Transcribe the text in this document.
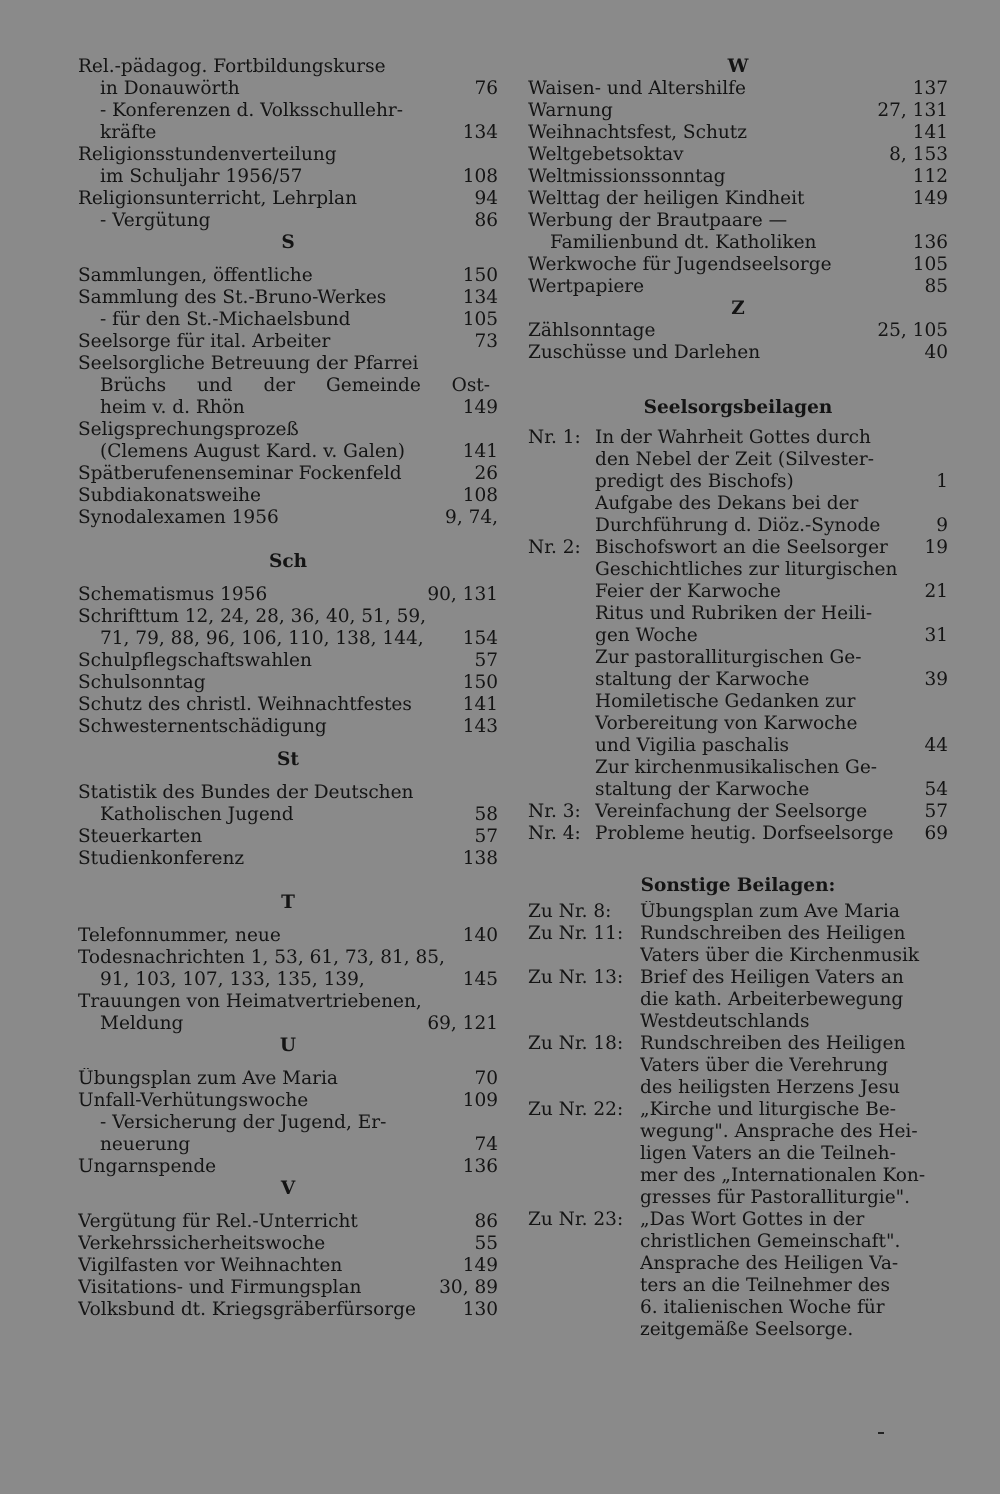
Rel.-pädagog. Fortbildungskurse
in Donauwörth	76
- Konferenzen d. Volksschullehr-
kräfte	134
Religionsstundenverteilung
im Schuljahr 1956/57	108
Religionsunterricht, Lehrplan	94
- Vergütung	86
S
Sammlungen, öffentliche	150
Sammlung des St.-Bruno-Werkes	134
- für den St.-Michaelsbund	105
Seelsorge für ital. Arbeiter	73
Seelsorgliche Betreuung der Pfarrei
Brüchs und der Gemeinde Ost-
heim v. d. Rhön	149
Seligsprechungsprozeß
(Clemens August Kard. v. Galen)	141
Spätberufenenseminar Fockenfeld	26
Subdiakonatsweihe	108
Synodalexamen 1956	9, 74,
Sch
Schematismus 1956	90, 131
Schrifttum 12, 24, 28, 36, 40, 51, 59,
71, 79, 88, 96, 106, 110, 138, 144,	154
Schulpflegschaftswahlen	57
Schulsonntag	150
Schutz des christl. Weihnachtfestes	141
Schwesternentschädigung	143
St
Statistik des Bundes der Deutschen
Katholischen Jugend	58
Steuerkarten	57
Studienkonferenz	138
T
Telefonnummer, neue	140
Todesnachrichten 1, 53, 61, 73, 81, 85,
91, 103, 107, 133, 135, 139,	145
Trauungen von Heimatvertriebenen,
Meldung	69, 121
U
Übungsplan zum Ave Maria	70
Unfall-Verhütungswoche	109
- Versicherung der Jugend, Er-
neuerung	74
Ungarnspende	136
V
Vergütung für Rel.-Unterricht	86
Verkehrssicherheitswoche	55
Vigilfasten vor Weihnachten	149
Visitations- und Firmungsplan	30, 89
Volksbund dt. Kriegsgräberfürsorge	130
W
Waisen- und Altershilfe	137
Warnung	27, 131
Weihnachtsfest, Schutz	141
Weltgebetsoktav	8, 153
Weltmissionssonntag	112
Welttag der heiligen Kindheit	149
Werbung der Brautpaare —
Familienbund dt. Katholiken	136
Werkwoche für Jugendseelsorge	105
Wertpapiere	85
Z
Zählsonntage	25, 105
Zuschüsse und Darlehen	40
Seelsorgsbeilagen
Nr. 1: In der Wahrheit Gottes durch
den Nebel der Zeit (Silvester-
predigt des Bischofs)	1
Aufgabe des Dekans bei der
Durchführung d. Diöz.-Synode	9
Nr. 2: Bischofswort an die Seelsorger	19
Geschichtliches zur liturgischen
Feier der Karwoche	21
Ritus und Rubriken der Heili-
gen Woche	31
Zur pastoralliturgischen Ge-
staltung der Karwoche	39
Homiletische Gedanken zur
Vorbereitung von Karwoche
und Vigilia paschalis	44
Zur kirchenmusikalischen Ge-
staltung der Karwoche	54
Nr. 3: Vereinfachung der Seelsorge	57
Nr. 4: Probleme heutig. Dorfseelsorge	69
Sonstige Beilagen:
Zu Nr. 8:	Übungsplan zum Ave Maria
Zu Nr. 11: Rundschreiben des Heiligen
Vaters über die Kirchenmusik
Zu Nr. 13: Brief des Heiligen Vaters an
die kath. Arbeiterbewegung
Westdeutschlands
Zu Nr. 18: Rundschreiben des Heiligen
Vaters über die Verehrung
des heiligsten Herzens Jesu
Zu Nr. 22: „Kirche und liturgische Be-
wegung". Ansprache des Hei-
ligen Vaters an die Teilneh-
mer des „Internationalen Kon-
gresses für Pastoralliturgie".
Zu Nr. 23: „Das Wort Gottes in der
christlichen Gemeinschaft".
Ansprache des Heiligen Va-
ters an die Teilnehmer des
6. italienischen Woche für
zeitgemäße Seelsorge.
